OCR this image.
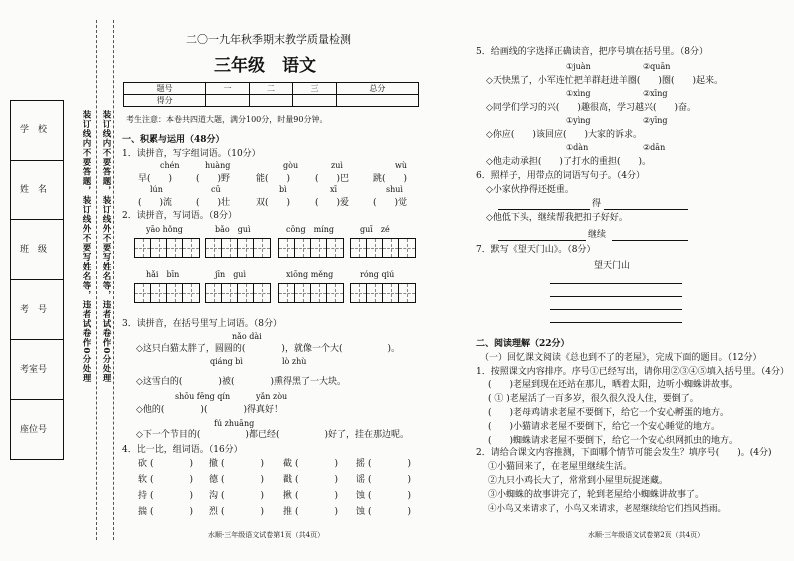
学　校
姓　名
班　级
考　号
考室号
座位号
装订线内不要答题，装订线外不要写姓名等，违者试卷作0分处理 装订线内不要答题，装订线外不要写姓名等，违者试卷作0分处理
二〇一九年秋季期末教学质量检测
三年级　语文
题号	一	二	三	总分
得分				
考生注意：本卷共四道大题，满分100分，时量90分钟。
一、积累与运用（48分）
1．读拼音，写字组词语。（10分）
chén	huàng	gòu	zuì	wù
早(　　)	(　　)野	能(　　)	(　　)巴	跳(　　)
lún	cū	bì	xī	shuì
(　　)流	(　　)壮	双(　　)	(　　)爱	(　　)觉
2．读拼音，写词语。（8分）
yāo hǒng	bǎo　guì	cōng　míng	guī　zé
hǎi　bīn	jīn　guì	xiōng měng	róng qiú
3．读拼音，在括号里写上词语。（8分）
nǎo dài
◇这只白猫太胖了，圆圆的(　　　　)，就像一个大(　　　　　)。
qiáng bì	lò zhù
◇这雪白的(　　　　)被(　　　　)熏得黑了一大块。
shōu fēng qín	yǎn zòu
◇他的(　　　　)(　　　　)得真好！
fú zhuāng
◇下一个节目的(　　　　　)都已经(　　　　　)好了，挂在那边呢。
4．比一比，组词语。（16分）
砍 (　　　　) 撤 (　　　　) 截 (　　　　) 摇 (　　　　)
软 (　　　　) 德 (　　　　) 戳 (　　　　) 谣 (　　　　)
持 (　　　　) 沟 (　　　　) 揪 (　　　　) 蚀 (　　　　)
揣 (　　　　) 烈 (　　　　) 推 (　　　　) 蚀 (　　　　)
水顺·三年级语文试卷第1页（共4页）
5．给画线的字选择正确读音，把序号填在括号里。（8分）
①juàn	②quān
◇天快黑了，小军连忙把羊群赶进羊圈(　　)圈(　　)起来。
①xìng	②xīng
◇同学们学习的兴(　　)趣很高，学习越兴(　　)奋。
①yìng	②yīng
◇你应(　　)该回应(　　)大家的诉求。
①dàn	②dān
◇他走动承担(　　)了打水的重担(　　)。
6．照样子，用带点的词语写句子。（4分）
◇小家伙挣得还挺重。
得
◇他低下头，继续帮我把扣子好好。
继续
7．默写《望天门山》。（8分）
望天门山
二、阅读理解（22分）
（一）回忆课文阅读《总也到不了的老屋》，完成下面的题目。（12分）
1．按照课文内容排序。序号①已经写出，请你用②③④⑤填入括号里。（4分）
(　　)老屋到现在还站在那儿，晒着太阳，边听小蜘蛛讲故事。
( ① )老屋活了一百多岁，很久很久没人住，要倒了。
(　　)老母鸡请求老屋不要倒下，给它一个安心孵蛋的地方。
(　　)小猫请求老屋不要倒下，给它一个安心睡觉的地方。
(　　)蜘蛛请求老屋不要倒下，给它一个安心织网抓虫的地方。
2．请给合课文内容推测，下面哪个情节可能会发生？填序号(　　)。(4分)
①小猫回来了，在老屋里继续生活。
②九只小鸡长大了，常常到小屋里玩捉迷藏。
③小蜘蛛的故事讲完了，轮到老屋给小蜘蛛讲故事了。
④小鸟又来请求了，小鸟又来请求，老屋继续给它们挡风挡雨。
水顺·三年级语文试卷第2页（共4页）
